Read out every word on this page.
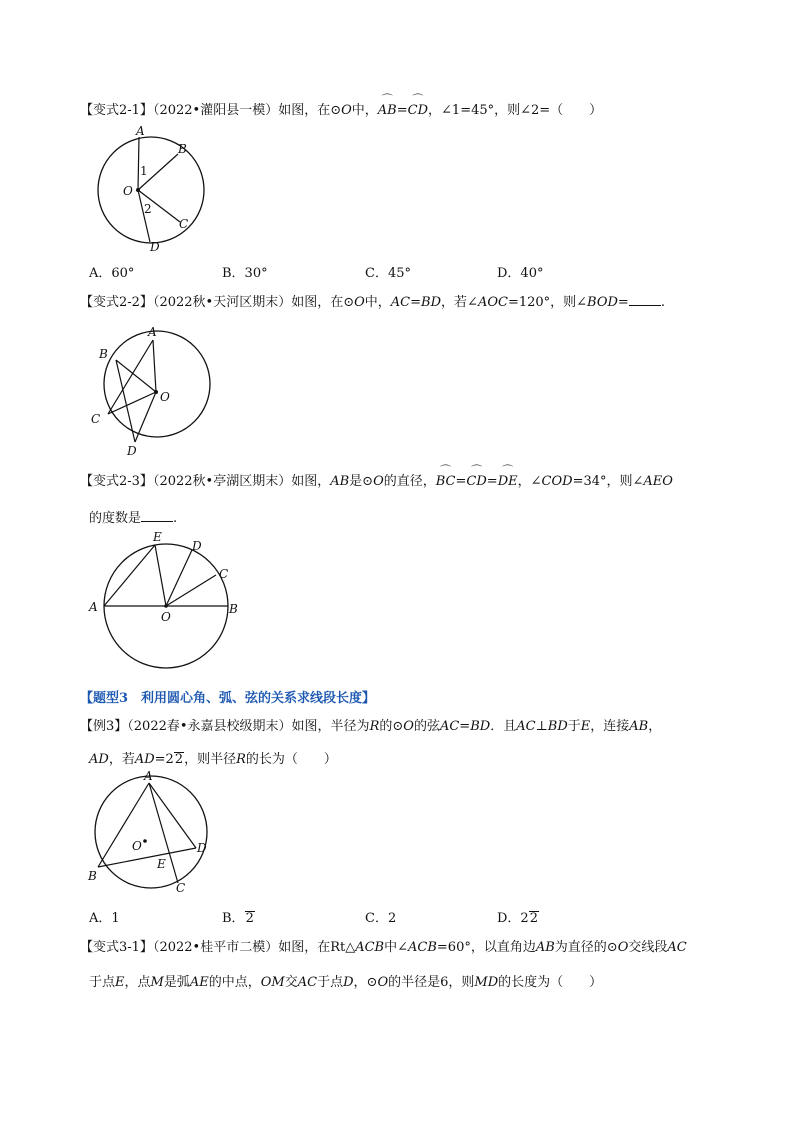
【变式2-1】（2022•灌阳县一模）如图，在⊙O中，⌒ AB=⌒ CD，∠1=45°，则∠2=（　　）
A
B
C
D
O
1
2
A．60°	B．30°	C．45°	D．40°
【变式2-2】（2022秋•天河区期末）如图，在⊙O中，AC=BD，若∠AOC=120°，则∠BOD= .
A
B
C
D
O
【变式2-3】（2022秋•亭湖区期末）如图，AB是⊙O的直径，⌒ BC=⌒ CD=⌒ DE，∠COD=34°，则∠AEO
的度数是 .
A	B
C
D
E
O
【题型3　利用圆心角、弧、弦的关系求线段长度】
【例3】（2022春•永嘉县校级期末）如图，半径为R的⊙O的弦AC=BD．且AC⊥BD于E，连接AB，
AD，若AD=22，则半径R的长为（　　）
A
B
C
D
E
O
A．1	B．2	C．2	D．22
【变式3-1】（2022•桂平市二模）如图，在Rt△ACB中∠ACB=60°，以直角边AB为直径的⊙O交线段AC
于点E，点M是弧AE的中点，OM交AC于点D，⊙O的半径是6，则MD的长度为（　　）
